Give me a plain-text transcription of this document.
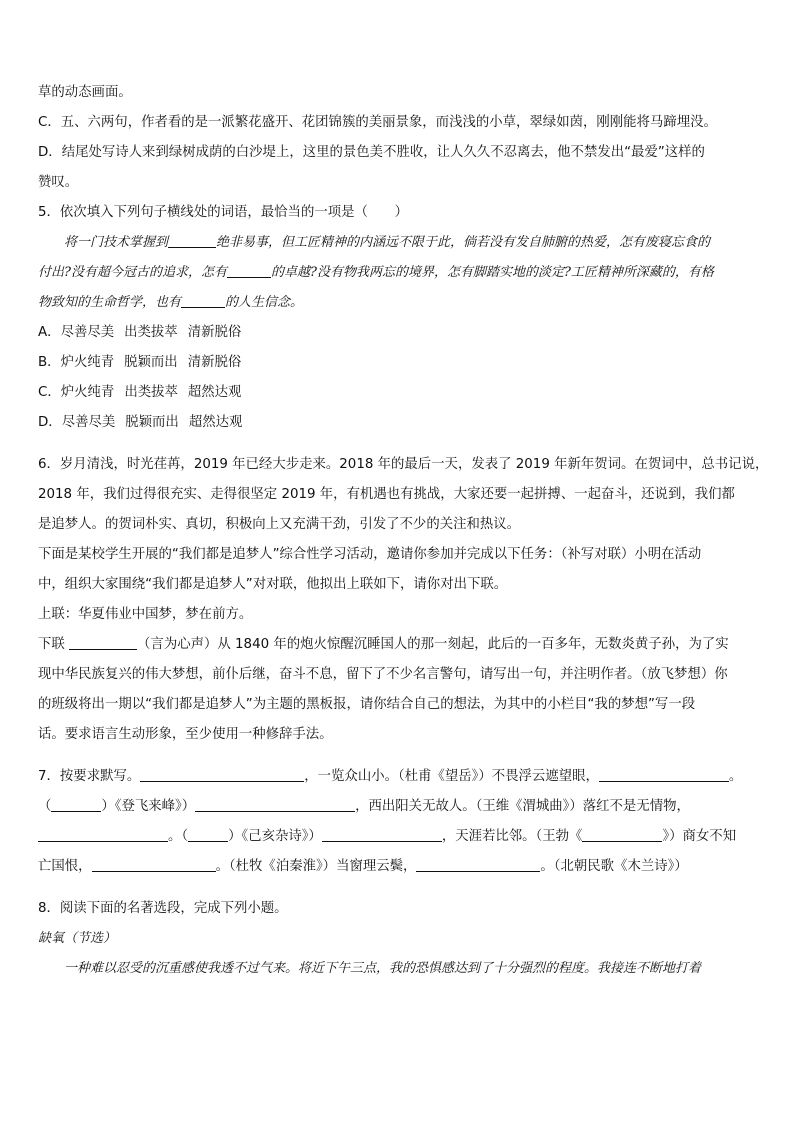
草的动态画面。
C．五、六两句，作者看的是一派繁花盛开、花团锦簇的美丽景象，而浅浅的小草，翠绿如茵，刚刚能将马蹄埋没。
D．结尾处写诗人来到绿树成荫的白沙堤上，这里的景色美不胜收，让人久久不忍离去，他不禁发出“最爱”这样的
赞叹。
5．依次填入下列句子横线处的词语，最恰当的一项是（　　）
将一门技术掌握到	绝非易事，但工匠精神的内涵远不限于此，倘若没有发自肺腑的热爱，怎有废寝忘食的
付出?没有超今冠古的追求，怎有	的卓越?没有物我两忘的境界，怎有脚踏实地的淡定?工匠精神所深藏的，有格
物致知的生命哲学，也有	的人生信念。
A．尽善尽美 出类拔萃 清新脱俗
B．炉火纯青 脱颖而出 清新脱俗
C．炉火纯青 出类拔萃 超然达观
D．尽善尽美 脱颖而出 超然达观
6．岁月清浅，时光荏苒，2019 年已经大步走来。2018 年的最后一天，发表了 2019 年新年贺词。在贺词中，总书记说，
2018 年，我们过得很充实、走得很坚定 2019 年，有机遇也有挑战，大家还要一起拼搏、一起奋斗，还说到，我们都
是追梦人。的贺词朴实、真切，积极向上又充满干劲，引发了不少的关注和热议。
下面是某校学生开展的“我们都是追梦人”综合性学习活动，邀请你参加并完成以下任务：（补写对联）小明在活动
中，组织大家围绕“我们都是追梦人”对对联，他拟出上联如下，请你对出下联。
上联：华夏伟业中国梦，梦在前方。
下联	（言为心声）从 1840 年的炮火惊醒沉睡国人的那一刻起，此后的一百多年，无数炎黄子孙，为了实
现中华民族复兴的伟大梦想，前仆后继，奋斗不息，留下了不少名言警句，请写出一句，并注明作者。（放飞梦想）你
的班级将出一期以“我们都是追梦人”为主题的黑板报，请你结合自己的想法，为其中的小栏目“我的梦想”写一段
话。要求语言生动形象，至少使用一种修辞手法。
7．按要求默写。	，一览众山小。（杜甫《望岳》）不畏浮云遮望眼，	。
（	）《登飞来峰》）	，西出阳关无故人。（王维《渭城曲》）落红不是无情物，
。（	）《己亥杂诗》）	，天涯若比邻。（王勃《	》）商女不知
亡国恨，	。（杜牧《泊秦淮》）当窗理云鬓，	。（北朝民歌《木兰诗》）
8．阅读下面的名著选段，完成下列小题。
缺氧（节选）
一种难以忍受的沉重感使我透不过气来。将近下午三点，我的恐惧感达到了十分强烈的程度。我接连不断地打着
